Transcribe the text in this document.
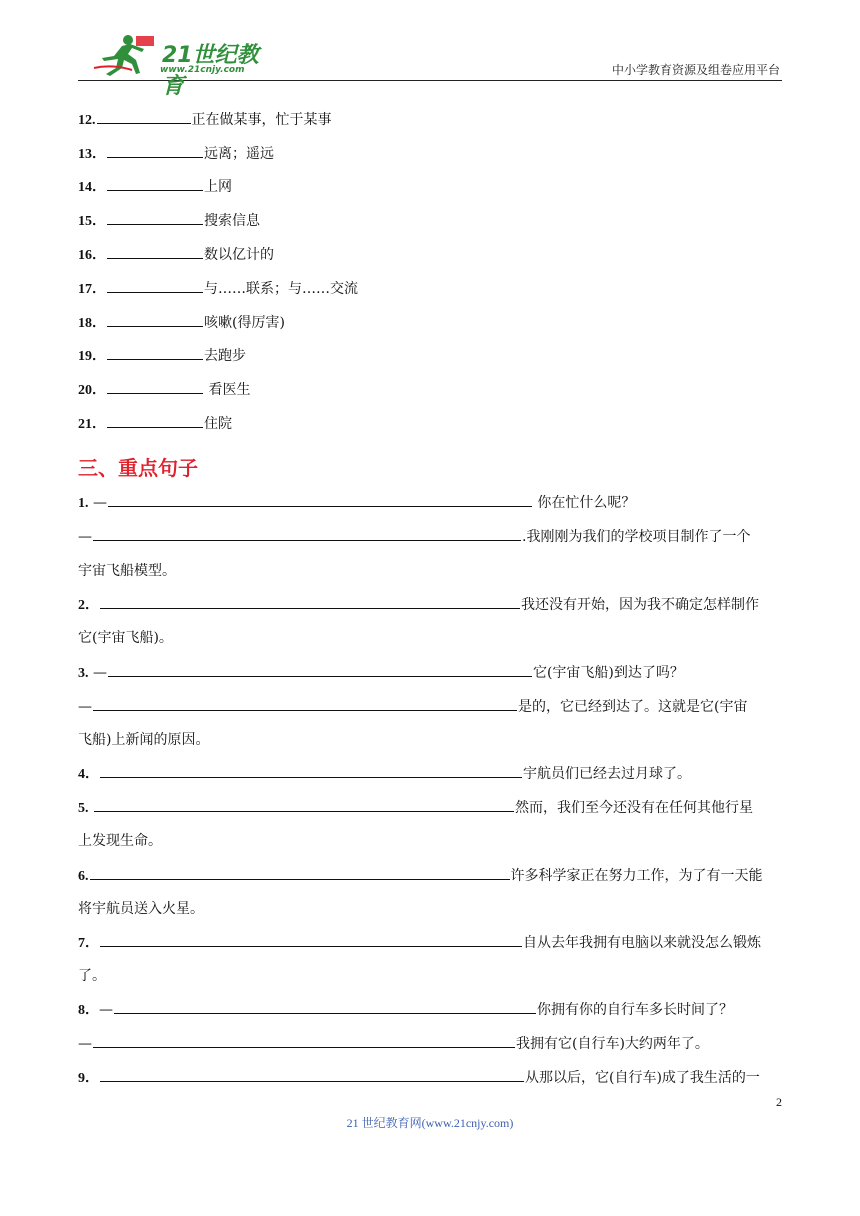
21世纪教育
www.21cnjy.com	中小学教育资源及组卷应用平台
12.	正在做某事，忙于某事
13．	远离；遥远
14．	上网
15．	搜索信息
16．	数以亿计的
17．	与……联系；与……交流
18．	咳嗽(得厉害)
19．	去跑步
20．	看医生
21．	住院
三、重点句子
1. —	你在忙什么呢？
—	.我刚刚为我们的学校项目制作了一个
宇宙飞船模型。
2．	我还没有开始，因为我不确定怎样制作
它(宇宙飞船)。
3. —	它(宇宙飞船)到达了吗？
—	是的，它已经到达了。这就是它(宇宙
飞船)上新闻的原因。
4．	宇航员们已经去过月球了。
5.	然而，我们至今还没有在任何其他行星
上发现生命。
6.	许多科学家正在努力工作，为了有一天能
将宇航员送入火星。
7．	自从去年我拥有电脑以来就没怎么锻炼
了。
8．—	你拥有你的自行车多长时间了？
—	我拥有它(自行车)大约两年了。
9．	从那以后，它(自行车)成了我生活的一
2
21 世纪教育网(www.21cnjy.com)
